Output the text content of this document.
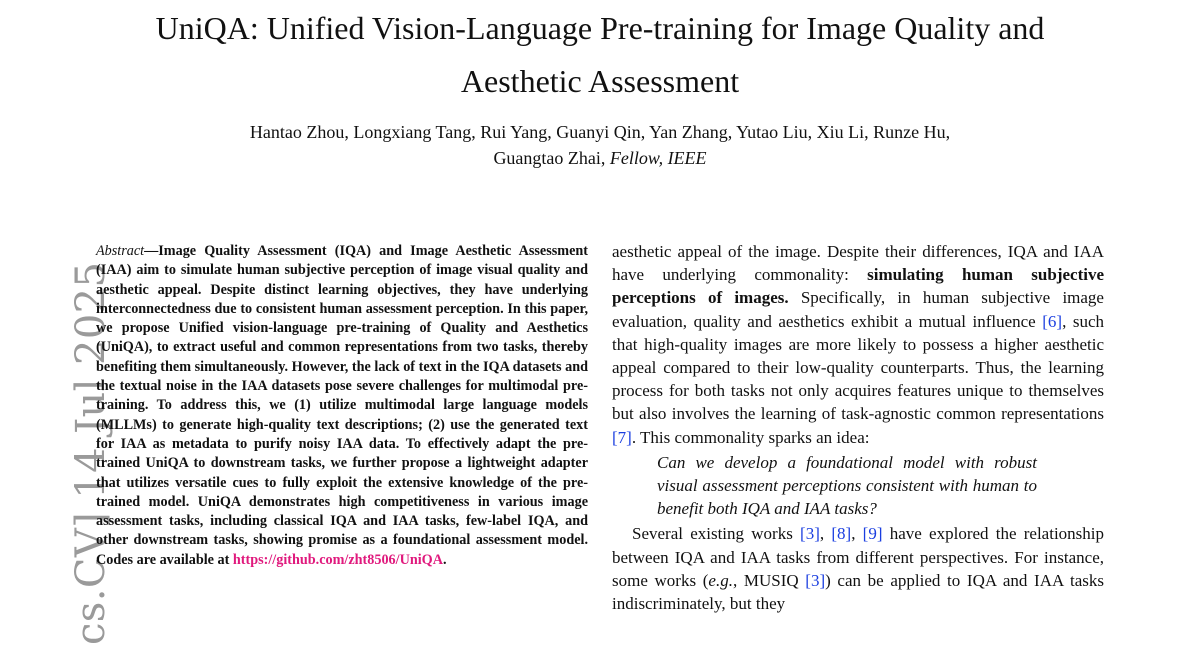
cs.CV] 14 Jul 2025
UniQA: Unified Vision-Language Pre-training for Image Quality and
Aesthetic Assessment
Hantao Zhou, Longxiang Tang, Rui Yang, Guanyi Qin, Yan Zhang, Yutao Liu, Xiu Li, Runze Hu,
Guangtao Zhai, Fellow, IEEE
Abstract—Image Quality Assessment (IQA) and Image Aesthetic Assessment (IAA) aim to simulate human subjective perception of image visual quality and aesthetic appeal. Despite distinct learning objectives, they have underlying interconnectedness due to consistent human assessment perception. In this paper, we propose Unified vision-language pre-training of Quality and Aesthetics (UniQA), to extract useful and common representations from two tasks, thereby benefiting them simultaneously. However, the lack of text in the IQA datasets and the textual noise in the IAA datasets pose severe challenges for multimodal pretraining. To address this, we (1) utilize multimodal large language models (MLLMs) to generate high-quality text descriptions; (2) use the generated text for IAA as metadata to purify noisy IAA data. To effectively adapt the pre-trained UniQA to downstream tasks, we further propose a lightweight adapter that utilizes versatile cues to fully exploit the extensive knowledge of the pre-trained model. UniQA demonstrates high competitiveness in various image assessment tasks, including classical IQA and IAA tasks, few-label IQA, and other downstream tasks, showing promise as a foundational assessment model. Codes are available at https://github.com/zht8506/UniQA.

aesthetic appeal of the image. Despite their differences, IQA and IAA have underlying commonality: simulating human subjective perceptions of images. Specifically, in human subjective image evaluation, quality and aesthetics exhibit a mutual influence [6], such that high-quality images are more likely to possess a higher aesthetic appeal compared to their low-quality counterparts. Thus, the learning process for both tasks not only acquires features unique to themselves but also involves the learning of task-agnostic common representations [7]. This commonality sparks an idea:

Can we develop a foundational model with robust visual assessment perceptions consistent with human to benefit both IQA and IAA tasks?

Several existing works [3], [8], [9] have explored the relationship between IQA and IAA tasks from different perspectives. For instance, some works (e.g., MUSIQ [3]) can be applied to IQA and IAA tasks indiscriminately, but they
